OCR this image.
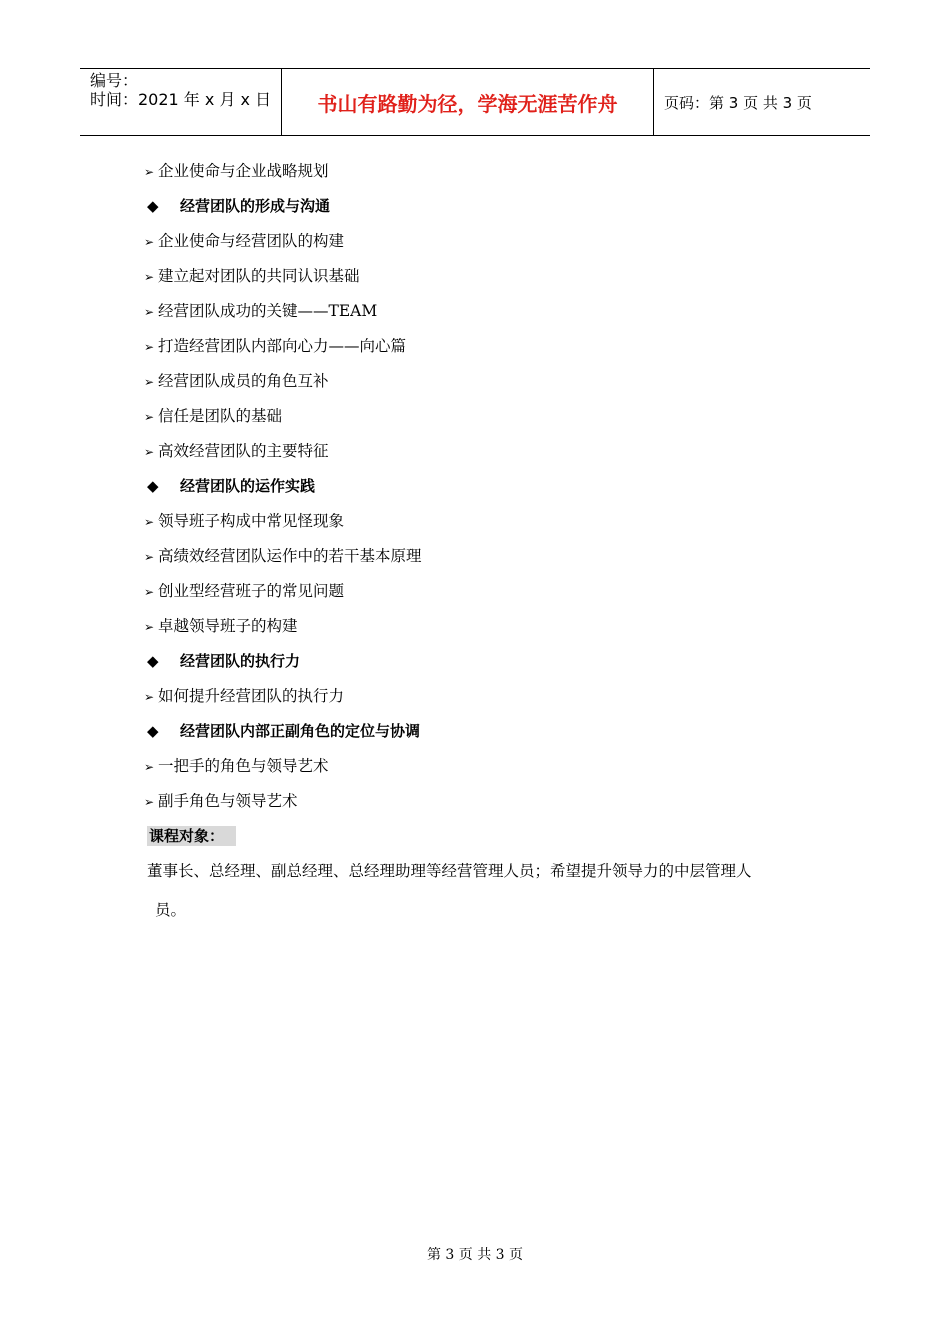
编号：
时间：2021 年 x 月 x 日	书山有路勤为径，学海无涯苦作舟	页码：第 3 页 共 3 页
➢ 企业使命与企业战略规划
◆ 经营团队的形成与沟通
➢ 企业使命与经营团队的构建
➢ 建立起对团队的共同认识基础
➢ 经营团队成功的关键——TEAM
➢ 打造经营团队内部向心力——向心篇
➢ 经营团队成员的角色互补
➢ 信任是团队的基础
➢ 高效经营团队的主要特征
◆ 经营团队的运作实践
➢ 领导班子构成中常见怪现象
➢ 高绩效经营团队运作中的若干基本原理
➢ 创业型经营班子的常见问题
➢ 卓越领导班子的构建
◆ 经营团队的执行力
➢ 如何提升经营团队的执行力
◆ 经营团队内部正副角色的定位与协调
➢ 一把手的角色与领导艺术
➢ 副手角色与领导艺术
课程对象：
董事长、总经理、副总经理、总经理助理等经营管理人员；希望提升领导力的中层管理人
员。
第 3 页 共 3 页
